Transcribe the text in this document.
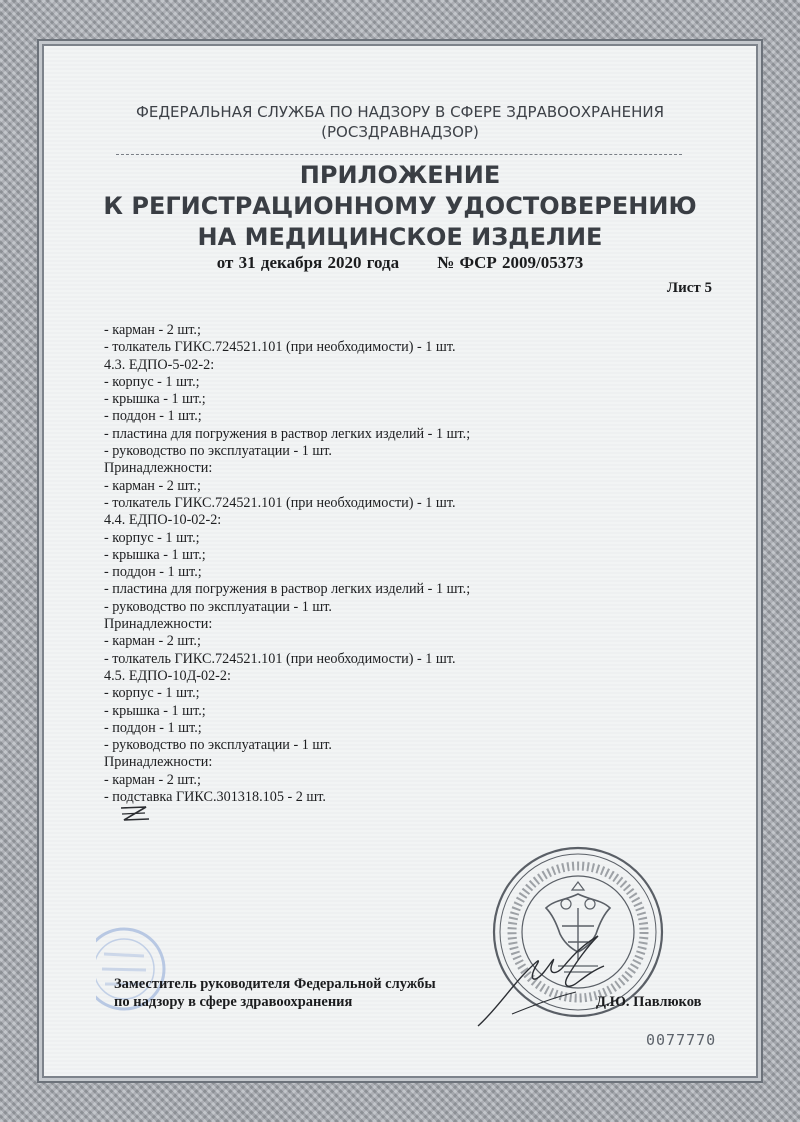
ФЕДЕРАЛЬНАЯ СЛУЖБА ПО НАДЗОРУ В СФЕРЕ ЗДРАВООХРАНЕНИЯ
(РОСЗДРАВНАДЗОР)
ПРИЛОЖЕНИЕ
К РЕГИСТРАЦИОННОМУ УДОСТОВЕРЕНИЮ
НА МЕДИЦИНСКОЕ ИЗДЕЛИЕ
от 31 декабря 2020 года № ФСР 2009/05373
Лист 5
- карман - 2 шт.;
- толкатель ГИКС.724521.101 (при необходимости) - 1 шт.
4.3. ЕДПО-5-02-2:
- корпус - 1 шт.;
- крышка - 1 шт.;
- поддон - 1 шт.;
- пластина для погружения в раствор легких изделий - 1 шт.;
- руководство по эксплуатации - 1 шт.
Принадлежности:
- карман - 2 шт.;
- толкатель ГИКС.724521.101 (при необходимости) - 1 шт.
4.4. ЕДПО-10-02-2:
- корпус - 1 шт.;
- крышка - 1 шт.;
- поддон - 1 шт.;
- пластина для погружения в раствор легких изделий - 1 шт.;
- руководство по эксплуатации - 1 шт.
Принадлежности:
- карман - 2 шт.;
- толкатель ГИКС.724521.101 (при необходимости) - 1 шт.
4.5. ЕДПО-10Д-02-2:
- корпус - 1 шт.;
- крышка - 1 шт.;
- поддон - 1 шт.;
- руководство по эксплуатации - 1 шт.
Принадлежности:
- карман - 2 шт.;
- подставка ГИКС.301318.105 - 2 шт.
Заместитель руководителя Федеральной службы
по надзору в сфере здравоохранения	Д.Ю. Павлюков
0077770
